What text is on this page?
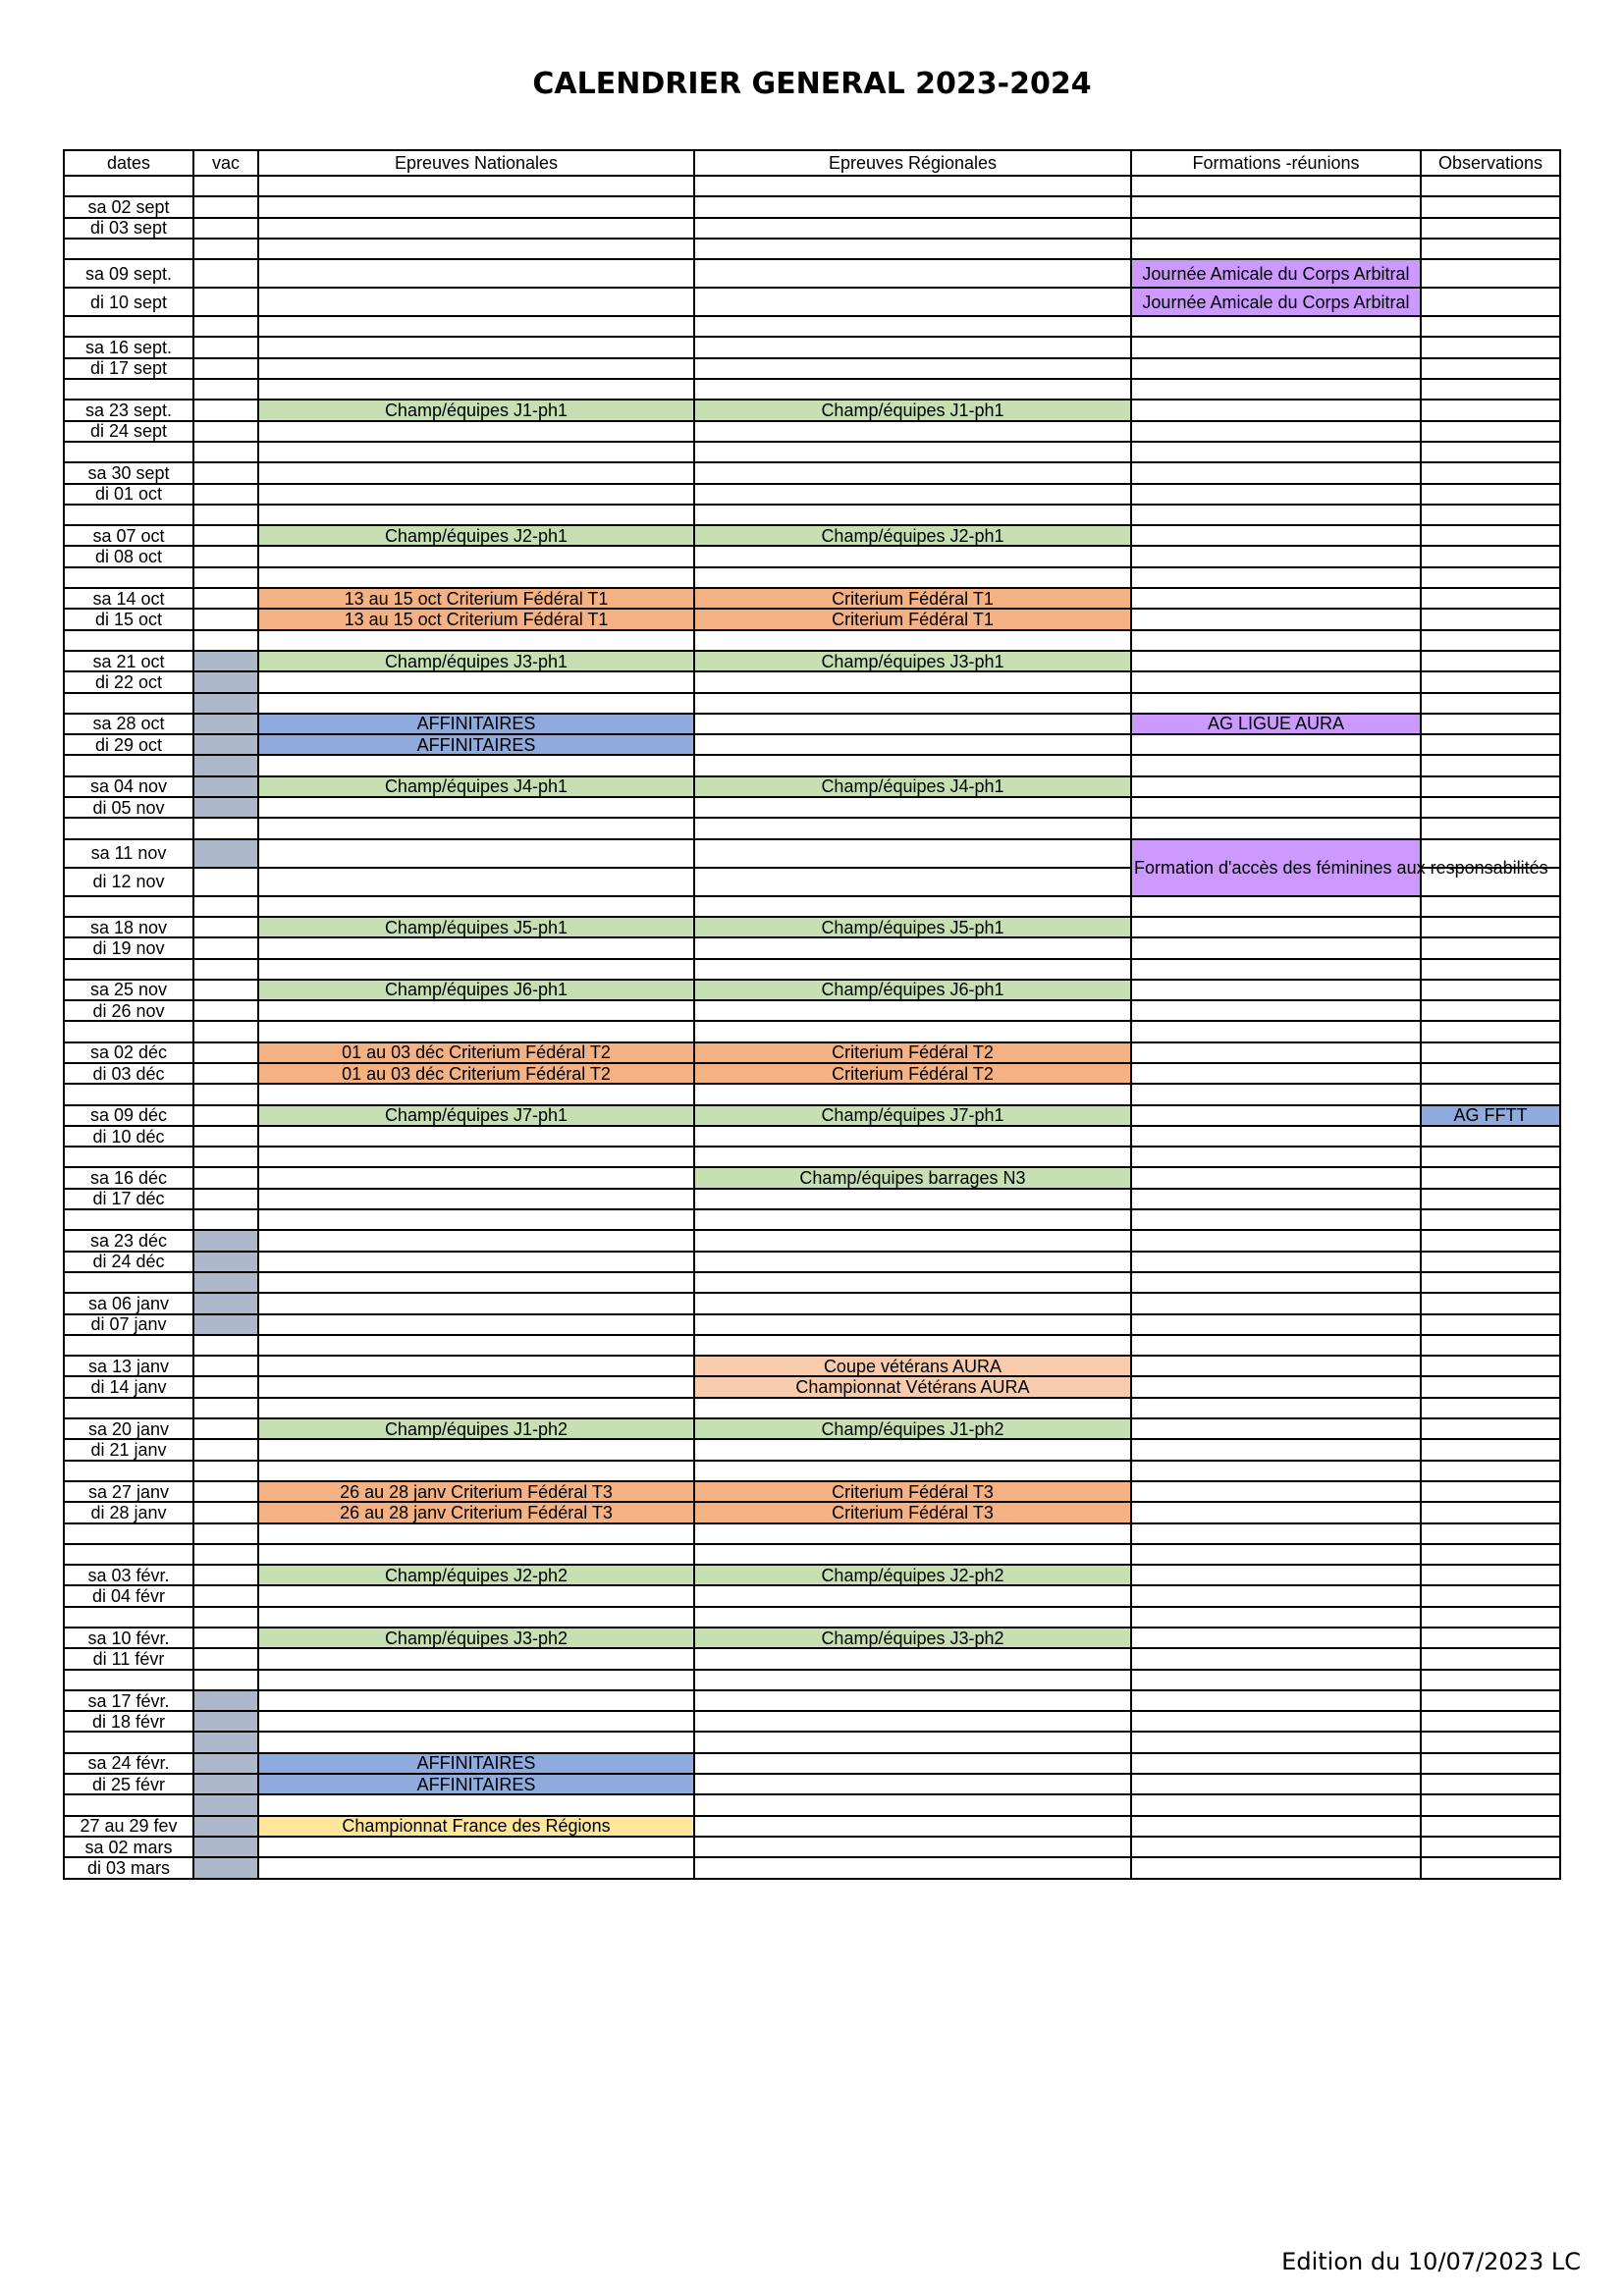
CALENDRIER GENERAL 2023-2024
dates	vac	Epreuves Nationales	Epreuves Régionales	Formations -réunions	Observations

sa 02 sept					
di 03 sept					

sa 09 sept.				Journée Amicale du Corps Arbitral	
di 10 sept				Journée Amicale du Corps Arbitral	

sa 16 sept.					
di 17 sept					

sa 23 sept.		Champ/équipes J1-ph1	Champ/équipes J1-ph1		
di 24 sept					

sa 30 sept					
di 01 oct					

sa 07 oct		Champ/équipes J2-ph1	Champ/équipes J2-ph1		
di 08 oct					

sa 14 oct		13 au 15 oct Criterium Fédéral T1	Criterium Fédéral T1		
di 15 oct		13 au 15 oct Criterium Fédéral T1	Criterium Fédéral T1		

sa 21 oct		Champ/équipes J3-ph1	Champ/équipes J3-ph1		
di 22 oct					

sa 28 oct		AFFINITAIRES		AG LIGUE AURA	
di 29 oct		AFFINITAIRES			

sa 04 nov		Champ/équipes J4-ph1	Champ/équipes J4-ph1		
di 05 nov					

sa 11 nov				Formation d'accès des féminines aux responsabilités	
di 12 nov					

sa 18 nov		Champ/équipes J5-ph1	Champ/équipes J5-ph1		
di 19 nov					

sa 25 nov		Champ/équipes J6-ph1	Champ/équipes J6-ph1		
di 26 nov					

sa 02 déc		01 au 03 déc Criterium Fédéral T2	Criterium Fédéral T2		
di 03 déc		01 au 03 déc Criterium Fédéral T2	Criterium Fédéral T2		

sa 09 déc		Champ/équipes J7-ph1	Champ/équipes J7-ph1		AG FFTT
di 10 déc					

sa 16 déc			Champ/équipes barrages N3		
di 17 déc					

sa 23 déc					
di 24 déc					

sa 06 janv					
di 07 janv					

sa 13 janv			Coupe vétérans AURA		
di 14 janv			Championnat Vétérans AURA		

sa 20 janv		Champ/équipes J1-ph2	Champ/équipes J1-ph2		
di 21 janv					

sa 27 janv		26 au 28 janv Criterium Fédéral T3	Criterium Fédéral T3		
di 28 janv		26 au 28 janv Criterium Fédéral T3	Criterium Fédéral T3		

sa 03 févr.		Champ/équipes J2-ph2	Champ/équipes J2-ph2		
di 04 févr					

sa 10 févr.		Champ/équipes J3-ph2	Champ/équipes J3-ph2		
di 11 févr					

sa 17 févr.					
di 18 févr					

sa 24 févr.		AFFINITAIRES			
di 25 févr		AFFINITAIRES			

27 au 29 fev		Championnat France des Régions			
sa 02 mars					
di 03 mars					
Edition du 10/07/2023 LC
